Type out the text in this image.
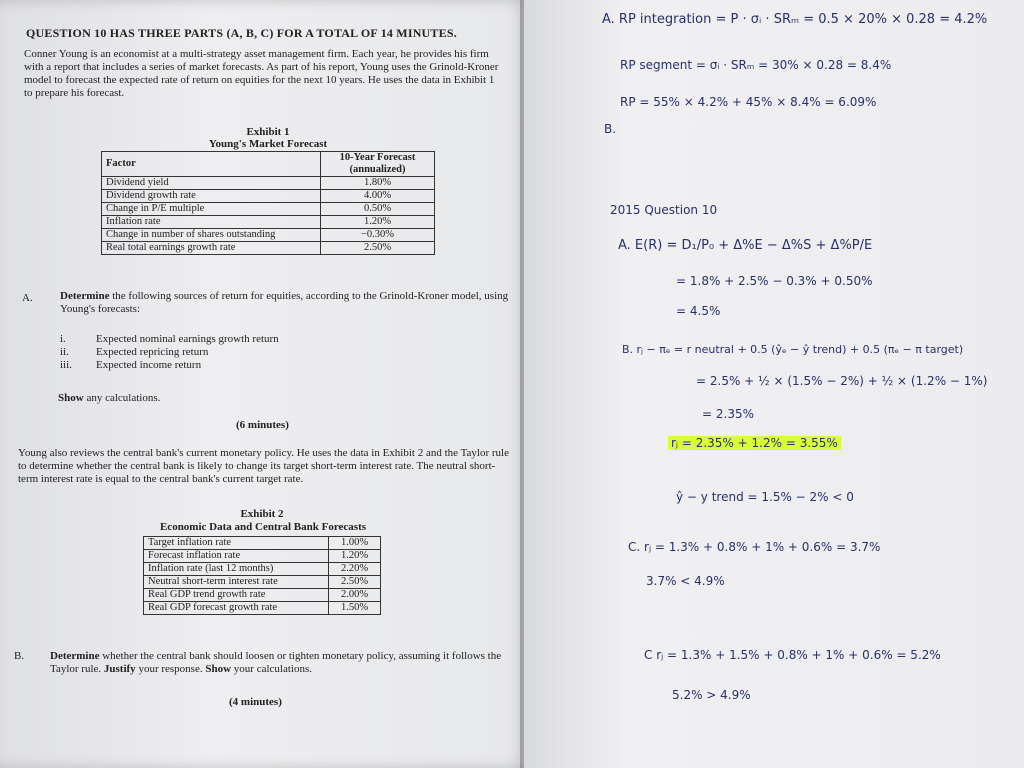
QUESTION 10 HAS THREE PARTS (A, B, C) FOR A TOTAL OF 14 MINUTES.
Conner Young is an economist at a multi-strategy asset management firm. Each year, he provides his firm with a report that includes a series of market forecasts. As part of his report, Young uses the Grinold-Kroner model to forecast the expected rate of return on equities for the next 10 years. He uses the data in Exhibit 1 to prepare his forecast.
Exhibit 1
Young's Market Forecast
Factor	10-Year Forecast (annualized)
Dividend yield	1.80%
Dividend growth rate	4.00%
Change in P/E multiple	0.50%
Inflation rate	1.20%
Change in number of shares outstanding	−0.30%
Real total earnings growth rate	2.50%
A. Determine the following sources of return for equities, according to the Grinold-Kroner model, using Young's forecasts:
i.	Expected nominal earnings growth return
ii.	Expected repricing return
iii.	Expected income return
Show any calculations.
(6 minutes)
Young also reviews the central bank's current monetary policy. He uses the data in Exhibit 2 and the Taylor rule to determine whether the central bank is likely to change its target short-term interest rate. The neutral short-term interest rate is equal to the central bank's current target rate.
Exhibit 2
Economic Data and Central Bank Forecasts
Target inflation rate	1.00%
Forecast inflation rate	1.20%
Inflation rate (last 12 months)	2.20%
Neutral short-term interest rate	2.50%
Real GDP trend growth rate	2.00%
Real GDP forecast growth rate	1.50%
B. Determine whether the central bank should loosen or tighten monetary policy, assuming it follows the Taylor rule. Justify your response. Show your calculations.
(4 minutes)
A. RP integration = P · σᵢ · SRₘ = 0.5 × 20% × 0.28 = 4.2%
RP segment = σᵢ · SRₘ = 30% × 0.28 = 8.4%
RP = 55% × 4.2% + 45% × 8.4% = 6.09%
B.
2015 Question 10
A. E(R) = D₁/P₀ + Δ%E − Δ%S + Δ%P/E
= 1.8% + 2.5% − 0.3% + 0.50%
= 4.5%
B. rⱼ − πₑ = r neutral + 0.5 (ŷₑ − ŷ trend) + 0.5 (πₑ − π target)
= 2.5% + ½ × (1.5% − 2%) + ½ × (1.2% − 1%)
= 2.35%
rⱼ = 2.35% + 1.2% = 3.55%
ŷ − y trend = 1.5% − 2% < 0
C. rⱼ = 1.3% + 0.8% + 1% + 0.6% = 3.7%
3.7% < 4.9%
C rⱼ = 1.3% + 1.5% + 0.8% + 1% + 0.6% = 5.2%
5.2% > 4.9%
